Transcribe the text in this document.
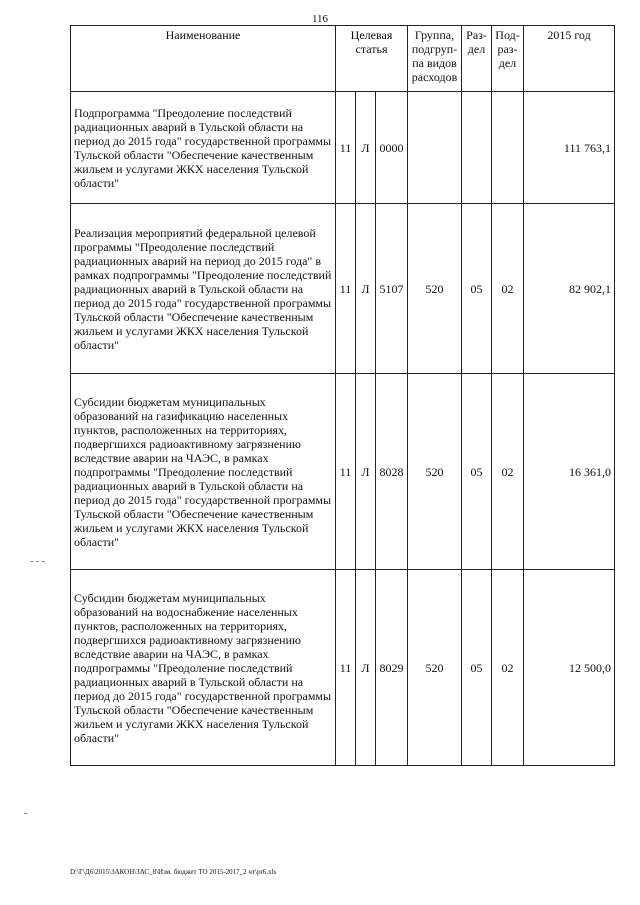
116
Наименование	Целевая статья			Группа, подгруп-па видов расходов	Раз-дел	Под-раз-дел	2015 год
Подпрограмма "Преодоление последствий радиационных аварий в Тульской области на период до 2015 года" государственной программы Тульской области "Обеспечение качественным жильем и услугами ЖКХ населения Тульской области"	11	Л	0000				111 763,1
Реализация мероприятий федеральной целевой программы "Преодоление последствий радиационных аварий на период до 2015 года" в рамках подпрограммы "Преодоление последствий радиационных аварий в Тульской области на период до 2015 года" государственной программы Тульской области "Обеспечение качественным жильем и услугами ЖКХ населения Тульской области"	11	Л	5107	520	05	02	82 902,1
Субсидии бюджетам муниципальных образований на газификацию населенных пунктов, расположенных на территориях, подвергшихся радиоактивному загрязнению вследствие аварии на ЧАЭС, в рамках подпрограммы "Преодоление последствий радиационных аварий в Тульской области на период до 2015 года" государственной программы Тульской области "Обеспечение качественным жильем и услугами ЖКХ населения Тульской области"	11	Л	8028	520	05	02	16 361,0
Субсидии бюджетам муниципальных образований на водоснабжение населенных пунктов, расположенных на территориях, подвергшихся радиоактивному загрязнению вследствие аварии на ЧАЭС, в рамках подпрограммы "Преодоление последствий радиационных аварий в Тульской области на период до 2015 года" государственной программы Тульской области "Обеспечение качественным жильем и услугами ЖКХ населения Тульской области"	11	Л	8029	520	05	02	12 500,0
- - -
-
D:\Г\Д6\2015\ЗАКОН\ЗАС_8\Изм. бюджет ТО 2015-2017_2 чт\pr6.xls
